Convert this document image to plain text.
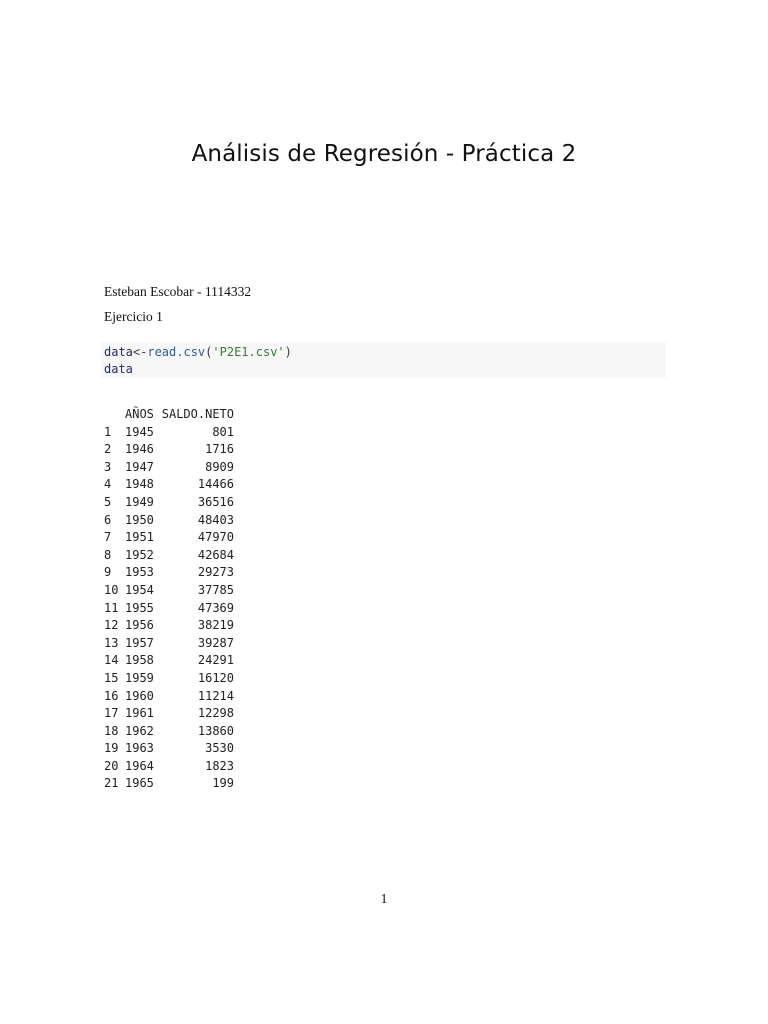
Análisis de Regresión - Práctica 2

Esteban Escobar - 1114332

Ejercicio 1

data<-read.csv('P2E1.csv')
data
AÑOS SALDO.NETO
1	1945	801
2	1946	1716
3	1947	8909
4	1948	14466
5	1949	36516
6	1950	48403
7	1951	47970
8	1952	42684
9	1953	29273
10 1954	37785
11 1955	47369
12 1956	38219
13 1957	39287
14 1958	24291
15 1959	16120
16 1960	11214
17 1961	12298
18 1962	13860
19 1963	3530
20 1964	1823
21 1965	199
1
